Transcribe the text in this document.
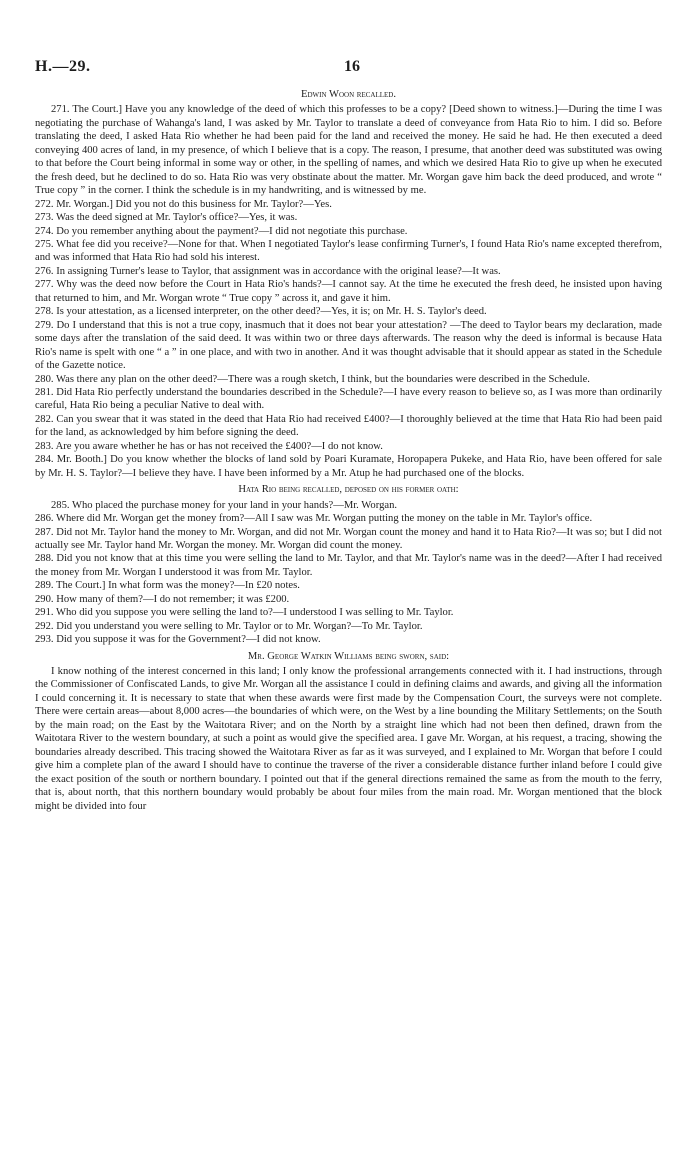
H.—29.	16
Edwin Woon recalled.

271. The Court.] Have you any knowledge of the deed of which this professes to be a copy? [Deed shown to witness.]—During the time I was negotiating the purchase of Wahanga's land, I was asked by Mr. Taylor to translate a deed of conveyance from Hata Rio to him. I did so. Before translating the deed, I asked Hata Rio whether he had been paid for the land and received the money. He said he had. He then executed a deed conveying 400 acres of land, in my presence, of which I believe that is a copy. The reason, I presume, that another deed was substituted was owing to that before the Court being informal in some way or other, in the spelling of names, and which we desired Hata Rio to give up when he executed the fresh deed, but he declined to do so. Hata Rio was very obstinate about the matter. Mr. Worgan gave him back the deed produced, and wrote “ True copy ” in the corner. I think the schedule is in my handwriting, and is witnessed by me.
272. Mr. Worgan.] Did you not do this business for Mr. Taylor?—Yes.
273. Was the deed signed at Mr. Taylor's office?—Yes, it was.
274. Do you remember anything about the payment?—I did not negotiate this purchase.
275. What fee did you receive?—None for that. When I negotiated Taylor's lease confirming Turner's, I found Hata Rio's name excepted therefrom, and was informed that Hata Rio had sold his interest.
276. In assigning Turner's lease to Taylor, that assignment was in accordance with the original lease?—It was.
277. Why was the deed now before the Court in Hata Rio's hands?—I cannot say. At the time he executed the fresh deed, he insisted upon having that returned to him, and Mr. Worgan wrote “ True copy ” across it, and gave it him.
278. Is your attestation, as a licensed interpreter, on the other deed?—Yes, it is; on Mr. H. S. Taylor's deed.
279. Do I understand that this is not a true copy, inasmuch that it does not bear your attestation? —The deed to Taylor bears my declaration, made some days after the translation of the said deed. It was within two or three days afterwards. The reason why the deed is informal is because Hata Rio's name is spelt with one “ a ” in one place, and with two in another. And it was thought advisable that it should appear as stated in the Schedule of the Gazette notice.
280. Was there any plan on the other deed?—There was a rough sketch, I think, but the boundaries were described in the Schedule.
281. Did Hata Rio perfectly understand the boundaries described in the Schedule?—I have every reason to believe so, as I was more than ordinarily careful, Hata Rio being a peculiar Native to deal with.
282. Can you swear that it was stated in the deed that Hata Rio had received £400?—I thoroughly believed at the time that Hata Rio had been paid for the land, as acknowledged by him before signing the deed.
283. Are you aware whether he has or has not received the £400?—I do not know.
284. Mr. Booth.] Do you know whether the blocks of land sold by Poari Kuramate, Horopapera Pukeke, and Hata Rio, have been offered for sale by Mr. H. S. Taylor?—I believe they have. I have been informed by a Mr. Atup he had purchased one of the blocks.

Hata Rio being recalled, deposed on his former oath:

285. Who placed the purchase money for your land in your hands?—Mr. Worgan.
286. Where did Mr. Worgan get the money from?—All I saw was Mr. Worgan putting the money on the table in Mr. Taylor's office.
287. Did not Mr. Taylor hand the money to Mr. Worgan, and did not Mr. Worgan count the money and hand it to Hata Rio?—It was so; but I did not actually see Mr. Taylor hand Mr. Worgan the money. Mr. Worgan did count the money.
288. Did you not know that at this time you were selling the land to Mr. Taylor, and that Mr. Taylor's name was in the deed?—After I had received the money from Mr. Worgan I understood it was from Mr. Taylor.
289. The Court.] In what form was the money?—In £20 notes.
290. How many of them?—I do not remember; it was £200.
291. Who did you suppose you were selling the land to?—I understood I was selling to Mr. Taylor.
292. Did you understand you were selling to Mr. Taylor or to Mr. Worgan?—To Mr. Taylor.
293. Did you suppose it was for the Government?—I did not know.

Mr. George Watkin Williams being sworn, said:

I know nothing of the interest concerned in this land; I only know the professional arrangements connected with it. I had instructions, through the Commissioner of Confiscated Lands, to give Mr. Worgan all the assistance I could in defining claims and awards, and giving all the information I could concerning it. It is necessary to state that when these awards were first made by the Compensation Court, the surveys were not complete. There were certain areas—about 8,000 acres—the boundaries of which were, on the West by a line bounding the Military Settlements; on the South by the main road; on the East by the Waitotara River; and on the North by a straight line which had not been then defined, drawn from the Waitotara River to the western boundary, at such a point as would give the specified area. I gave Mr. Worgan, at his request, a tracing, showing the boundaries already described. This tracing showed the Waitotara River as far as it was surveyed, and I explained to Mr. Worgan that before I could give him a complete plan of the award I should have to continue the traverse of the river a considerable distance further inland before I could give the exact position of the south or northern boundary. I pointed out that if the general directions remained the same as from the mouth to the ferry, that is, about north, that this northern boundary would probably be about four miles from the main road. Mr. Worgan mentioned that the block might be divided into four
